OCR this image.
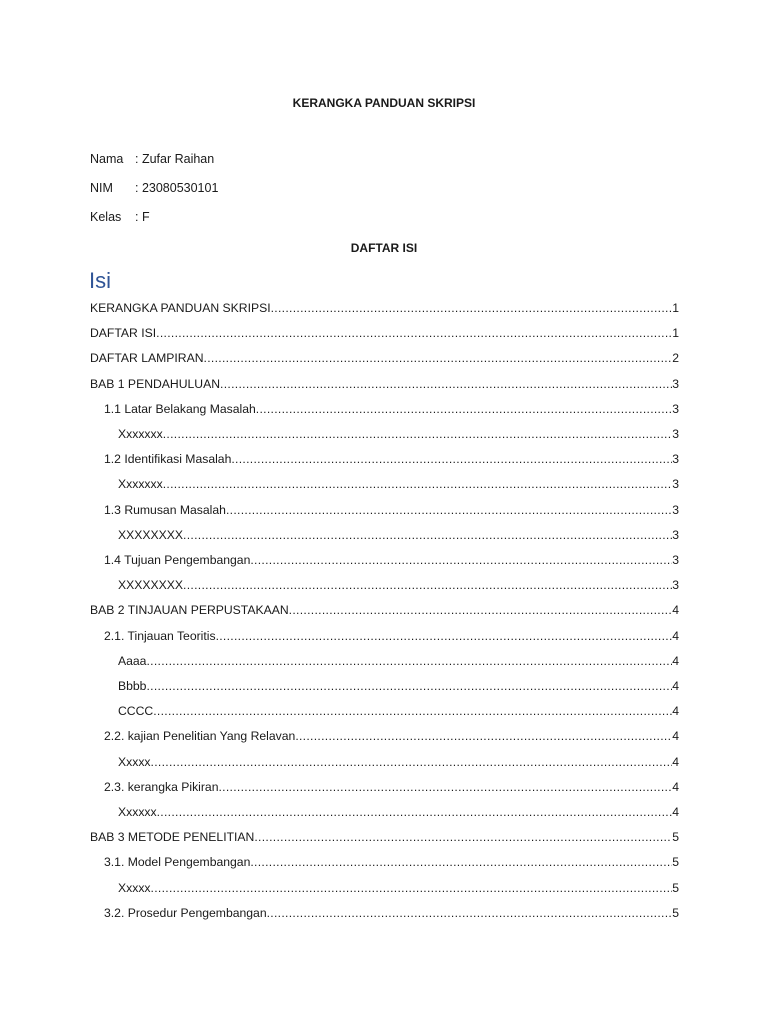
KERANGKA PANDUAN SKRIPSI
Nama : Zufar Raihan
NIM	: 23080530101
Kelas	: F
DAFTAR ISI
Isi
KERANGKA PANDUAN SKRIPSI .....	1
DAFTAR ISI .....	1
DAFTAR LAMPIRAN .....	2
BAB 1 PENDAHULUAN .....	3
1.1 Latar Belakang Masalah .....	3
Xxxxxxx .....	3
1.2 Identifikasi Masalah .....	3
Xxxxxxx .....	3
1.3 Rumusan Masalah .....	3
XXXXXXXX .....	3
1.4 Tujuan Pengembangan .....	3
XXXXXXXX .....	3
BAB 2 TINJAUAN PERPUSTAKAAN .....	4
2.1. Tinjauan Teoritis .....	4
Aaaa .....	4
Bbbb .....	4
CCCC .....	4
2.2. kajian Penelitian Yang Relavan .....	4
Xxxxx .....	4
2.3. kerangka Pikiran .....	4
Xxxxxx .....	4
BAB 3 METODE PENELITIAN .....	5
3.1. Model Pengembangan .....	5
Xxxxx .....	5
3.2. Prosedur Pengembangan .....	5
